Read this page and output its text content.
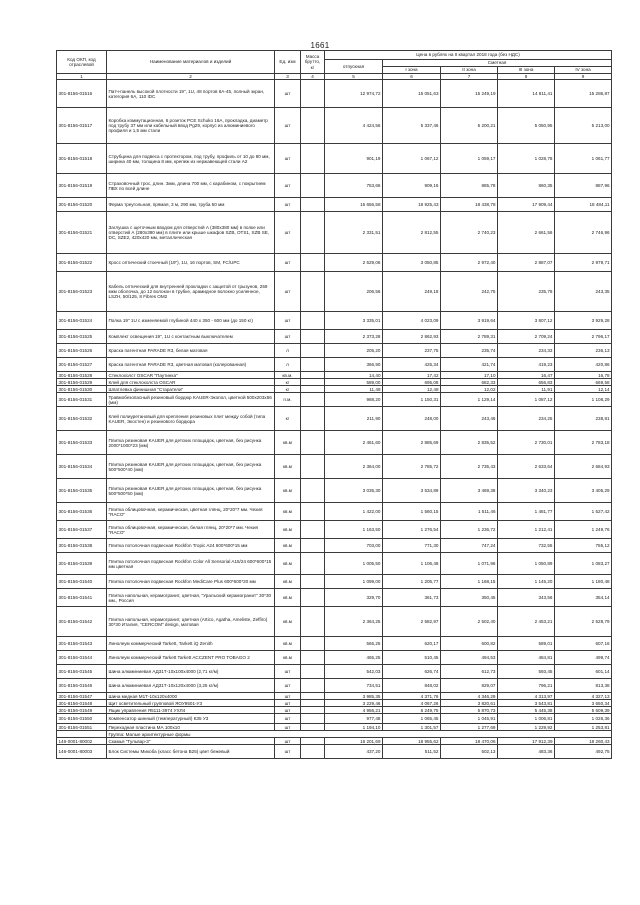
1661
Код ОКП, код отраслевой	Наименование материалов и изделий	Ед. изм	Масса брутто, кг	Цена в рублях на II квартал 2018 года (без НДС)				
				отпускная	Сметная			
					I зона	II зона	III зона	IV зона
1	2	3	4	5	6	7	8	9
301-8156-01516	Патч-панель высокой плотности 19", 1U, 48 портов 6A-45, полный экран, категория 6A, 110 IDC	шт		12 974,72	15 051,63	15 249,19	14 811,41	15 286,87
301-8156-01517	Коробка коммутационная, 6 розеток PCE Schuko 16A, прокладка, диаметр под трубу 37 мм или кабельный ввод Pg29, корпус из алюминиевого профиля и 1,5 мм стали	шт		4 424,56	5 337,46	5 200,21	5 050,95	5 213,00
301-8156-01518	Струбцина для подвеса с протектором, под трубу, профиль от 10 до 80 мм, ширина 40 мм, толщина 8 мм, крепеж из нержавеющей стали A2	шт		901,19	1 067,12	1 059,17	1 028,78	1 061,77
301-8156-01519	Страховочный трос, длин. 3мм, длина 700 мм, с карабином, с покрытием ПВХ по всей длине	шт		753,66	909,16	885,78	860,35	887,96
301-8156-01520	Ферма треугольная, прямая, 3 м, 290 мм, труба 50 мм	шт		15 656,58	18 925,43	18 438,78	17 909,44	18 484,11
301-8156-01521	Заглушка с щеточным вводом для отверстий А (380x380 мм) в полке или отверстий А (280x390 мм) в плите или крыше шкафов SZB, OTS1, SZB SE, DC, SZE2, 420x420 мм, металлическая	шт		2 331,51	2 812,55	2 740,23	2 661,56	2 746,96
301-8156-01522	Кросс оптический стоечный (19"), 1U, 16 портов, SM, FC/UPC	шт		2 529,06	3 050,85	2 972,40	2 887,07	2 979,71
301-8156-01523	Кабель оптический для внутренней прокладки с защитой от грызунов, 259 мкм оболочка, до 12 волокон в трубке, арамидное волокно усиленное, LSZH, 50/125, 8 Fibres OM2	шт		206,56	249,18	242,75	235,78	243,35
301-8156-01524	Полка 19" 1U с изменяемой глубиной 440 x 350 - 600 мм (до 150 кг)	шт		3 335,01	4 023,09	3 919,64	3 807,12	3 929,28
301-8156-01525	Комплект освещения 19", 1U с контактным выключателем	шт		2 373,28	2 862,93	2 789,31	2 709,24	2 796,17
301-8156-01526	Краска патентная PARADE R3, белая матовая	л		205,20	237,75	235,74	234,33	236,13
301-8156-01527	Краска патентная PARADE R3, цветная матовая (колерованная)	л		366,90	425,34	421,74	419,23	420,86
301-8156-01528	Стеклохолст OSCAR "Паутинка"	кв.м.		14,40	17,42	17,10	16,47	16,78
301-8156-01529	Клей для стеклохолста OSCAR	кг		589,00	695,08	682,33	656,83	669,58
301-8156-01530	Шпатлевка финишная "Старатели"	кг		11,48	12,48	12,02	11,91	12,14
301-8156-01531	Травмобезопасный резиновый бордюр KAUER-Экопол, цветной 500x203x56 (мм)	п.м.		988,20	1 150,31	1 129,14	1 087,12	1 108,29
301-8156-01532	Клей полиуретановый для крепления резиновых плит между собой (типа KAUER, Экостен) и резинового бордюра	кг		211,90	248,00	243,46	234,25	238,81
301-8156-01533	Плитка резиновая KAUER для детских площадок, цветная, без рисунка 2000*1000*23 (мм)	кв.м		2 461,60	2 885,69	2 835,52	2 730,01	2 783,18
301-8156-01534	Плитка резиновая KAUER для детских площадок, цветная, без рисунка 500*500*40 (мм)	кв.м		2 364,00	2 785,72	2 735,43	2 633,64	2 684,93
301-8156-01535	Плитка резиновая KAUER для детских площадок, цветная, без рисунка 500*500*50 (мм)	кв.м		3 035,30	3 534,89	3 469,38	3 340,23	3 405,29
301-8156-01536	Плитка облицовочная, керамическая, цветная глянц, 20*20*7 мм. Чехия "RACO"	кв.м		1 422,00	1 560,15	1 511,46	1 481,77	1 527,42
301-8156-01537	Плитка облицовочная, керамическая, белая глянц, 20*20*7 мм. Чехия "RACO"	кв.м		1 163,50	1 276,54	1 236,72	1 212,41	1 249,76
301-8156-01538	Плитка потолочная подвесная Rockfon Tropic A24 600*600*15 мм	кв.м		703,00	771,30	747,24	732,55	755,12
301-8156-01539	Плитка потолочная подвесная Rockfon Color All Sensorial A15/24 600*600*15 мм цветная	кв.м		1 005,50	1 106,48	1 071,96	1 050,89	1 083,27
301-8156-01540	Плитка потолочная подвесная Rockfon MediCare Plus 600*600*20 мм	кв.м		1 099,00	1 205,77	1 168,15	1 145,20	1 180,48
301-8156-01541	Плитка напольная, керамогранит, цветная, "Уральский керамогранит" 30*30 мм., Россия	кв.м		329,70	361,73	350,45	343,56	354,14
301-8156-01542	Плитка напольная, керамогранит, цветная (Artico, Agatha, Ameliste, Zeffiro) 30*30 Италия, "CERCOM" design, матовая	кв.м		2 364,25	2 582,97	2 502,40	2 453,21	2 528,79
301-8156-01543	Линолеум коммерческий Tarkett, Tarkett iQ Zenith	кв.м		565,25	620,17	600,82	589,01	607,16
301-8156-01544	Линолеум коммерческий Tarkett Tarkett ACCZENT PRO TOBAGO 2	кв.м		465,25	510,45	494,53	484,81	499,74
301-8156-01545	Шина алюминиевая АД31Т-10x100x4000 (2,71 кг/м)	шт		542,03	626,74	612,73	593,45	601,14
301-8156-01546	Шина алюминиевая АД31Т-10x120x4000 (3,25 кг/м)	шт		734,51	848,02	829,07	796,21	813,38
301-8156-01547	Шина медная М1Т-10x120x4000	шт		3 985,35	4 371,76	4 346,29	4 313,97	4 327,13
301-8156-01548	Щит осветительный групповой ЯОУ9501-У3	шт		3 229,46	4 067,26	3 820,61	3 543,81	3 650,34
301-8156-01549	Ящик управления Я5111-3974 УХЛ4	шт		4 956,21	6 249,75	5 870,73	5 445,38	5 609,39
301-8156-01550	Компенсатор шинный (температурный) КЗ5 У3	шт		977,48	1 065,45	1 045,91	1 006,81	1 026,36
301-8156-01551	Переходная пластина МА 100x10	шт		1 194,10	1 301,57	1 277,69	1 229,92	1 253,81
	Группа: Малые архитектурные формы							
146-0001-80002	Скамья "Тульвар-3"	шт		16 201,69	18 955,62	18 470,06	17 912,39	18 260,43
146-0001-80003	Блок Системы Микоба (класс бетона В25) цвет бежевый	шт		437,20	511,52	502,13	483,36	492,75
